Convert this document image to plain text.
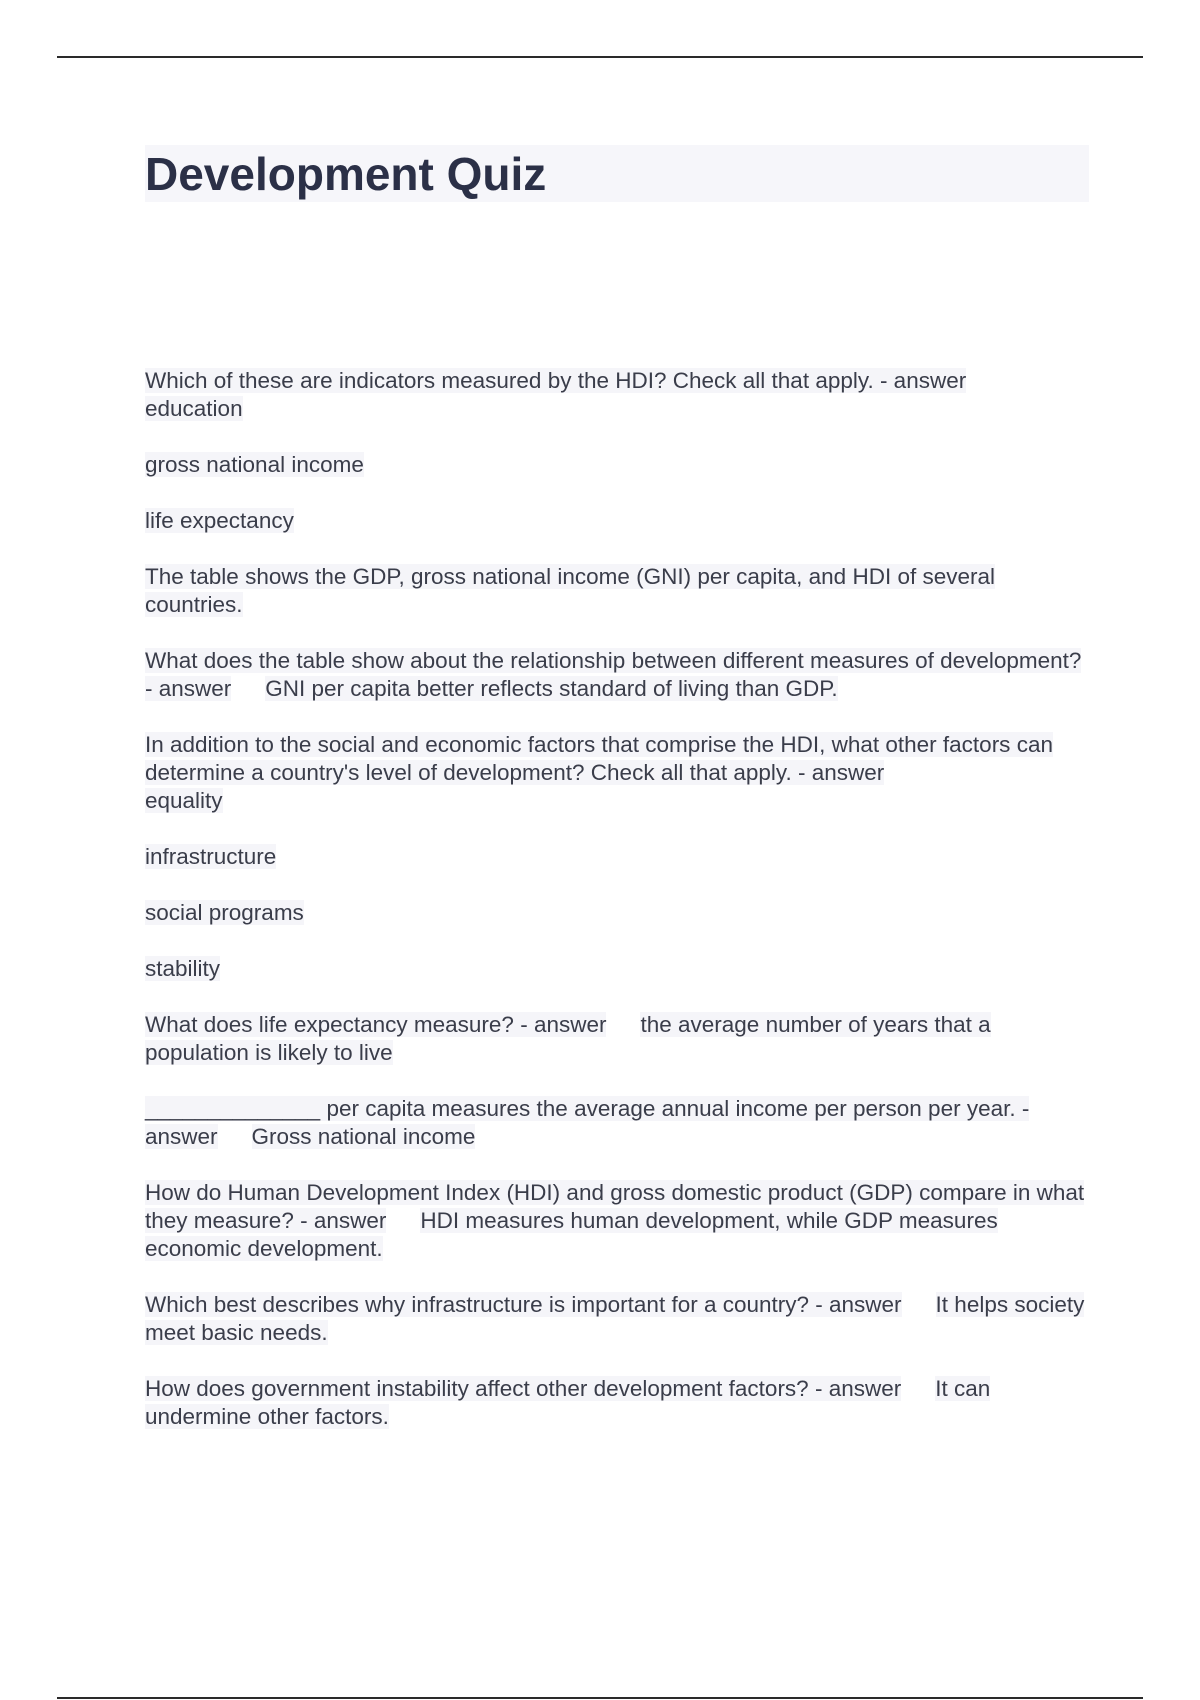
Development Quiz

Which of these are indicators measured by the HDI? Check all that apply. - answer
education

gross national income

life expectancy

The table shows the GDP, gross national income (GNI) per capita, and HDI of several countries.

What does the table show about the relationship between different measures of development? - answer GNI per capita better reflects standard of living than GDP.

In addition to the social and economic factors that comprise the HDI, what other factors can determine a country's level of development? Check all that apply. - answer
equality

infrastructure

social programs

stability

What does life expectancy measure? - answer the average number of years that a population is likely to live

______________ per capita measures the average annual income per person per year. - answer Gross national income

How do Human Development Index (HDI) and gross domestic product (GDP) compare in what they measure? - answer HDI measures human development, while GDP measures economic development.

Which best describes why infrastructure is important for a country? - answer It helps society meet basic needs.

How does government instability affect other development factors? - answer It can undermine other factors.
